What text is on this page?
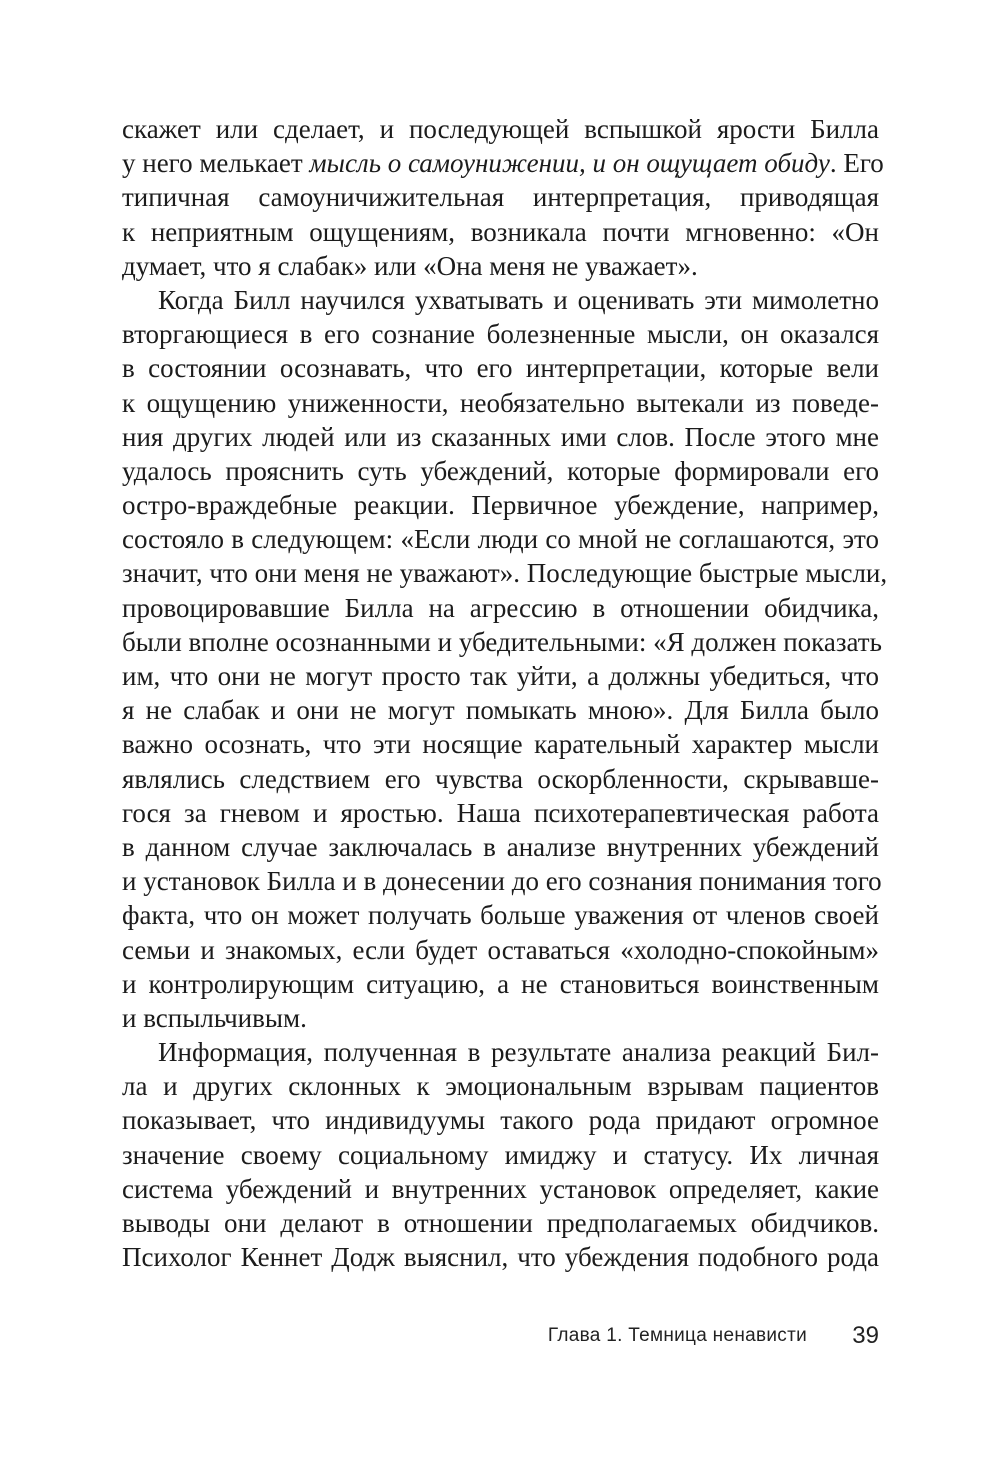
скажет или сделает, и последующей вспышкой ярости Билла
у него мелькает мысль о самоунижении, и он ощущает обиду. Его
типичная самоуничижительная интерпретация, приводящая
к неприятным ощущениям, возникала почти мгновенно: «Он
думает, что я слабак» или «Она меня не уважает».
Когда Билл научился ухватывать и оценивать эти мимолетно
вторгающиеся в его сознание болезненные мысли, он оказался
в состоянии осознавать, что его интерпретации, которые вели
к ощущению униженности, необязательно вытекали из поведе-
ния других людей или из сказанных ими слов. После этого мне
удалось прояснить суть убеждений, которые формировали его
остро-враждебные реакции. Первичное убеждение, например,
состояло в следующем: «Если люди со мной не соглашаются, это
значит, что они меня не уважают». Последующие быстрые мысли,
провоцировавшие Билла на агрессию в отношении обидчика,
были вполне осознанными и убедительными: «Я должен показать
им, что они не могут просто так уйти, а должны убедиться, что
я не слабак и они не могут помыкать мною». Для Билла было
важно осознать, что эти носящие карательный характер мысли
являлись следствием его чувства оскорбленности, скрывавше-
гося за гневом и яростью. Наша психотерапевтическая работа
в данном случае заключалась в анализе внутренних убеждений
и установок Билла и в донесении до его сознания понимания того
факта, что он может получать больше уважения от членов своей
семьи и знакомых, если будет оставаться «холодно-спокойным»
и контролирующим ситуацию, а не становиться воинственным
и вспыльчивым.
Информация, полученная в результате анализа реакций Бил-
ла и других склонных к эмоциональным взрывам пациентов
показывает, что индивидуумы такого рода придают огромное
значение своему социальному имиджу и статусу. Их личная
система убеждений и внутренних установок определяет, какие
выводы они делают в отношении предполагаемых обидчиков.
Психолог Кеннет Додж выяснил, что убеждения подобного рода
Глава 1. Темница ненависти 39
